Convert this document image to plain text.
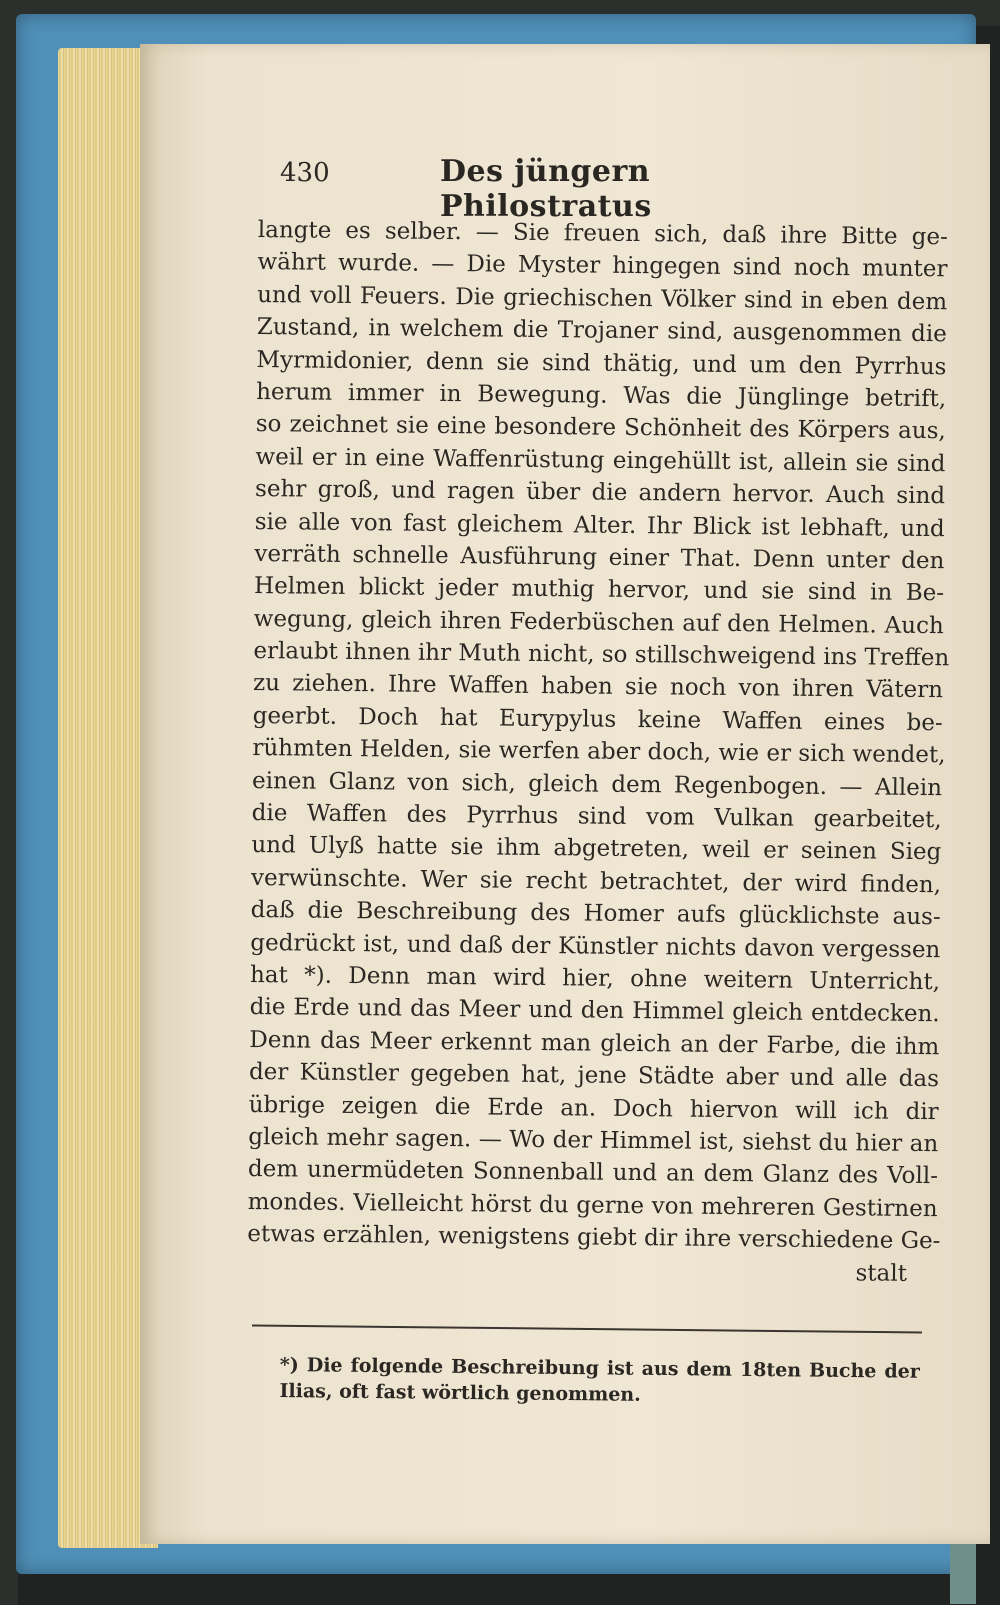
430	Des jüngern Philostratus
langte es selber. — Sie freuen sich, daß ihre Bitte ge-
währt wurde. — Die Myster hingegen sind noch munter
und voll Feuers. Die griechischen Völker sind in eben dem
Zustand, in welchem die Trojaner sind, ausgenommen die
Myrmidonier, denn sie sind thätig, und um den Pyrrhus
herum immer in Bewegung. Was die Jünglinge betrift,
so zeichnet sie eine besondere Schönheit des Körpers aus,
weil er in eine Waffenrüstung eingehüllt ist, allein sie sind
sehr groß, und ragen über die andern hervor. Auch sind
sie alle von fast gleichem Alter. Ihr Blick ist lebhaft, und
verräth schnelle Ausführung einer That. Denn unter den
Helmen blickt jeder muthig hervor, und sie sind in Be-
wegung, gleich ihren Federbüschen auf den Helmen. Auch
erlaubt ihnen ihr Muth nicht, so stillschweigend ins Treffen
zu ziehen. Ihre Waffen haben sie noch von ihren Vätern
geerbt. Doch hat Eurypylus keine Waffen eines be-
rühmten Helden, sie werfen aber doch, wie er sich wendet,
einen Glanz von sich, gleich dem Regenbogen. — Allein
die Waffen des Pyrrhus sind vom Vulkan gearbeitet,
und Ulyß hatte sie ihm abgetreten, weil er seinen Sieg
verwünschte. Wer sie recht betrachtet, der wird finden,
daß die Beschreibung des Homer aufs glücklichste aus-
gedrückt ist, und daß der Künstler nichts davon vergessen
hat *). Denn man wird hier, ohne weitern Unterricht,
die Erde und das Meer und den Himmel gleich entdecken.
Denn das Meer erkennt man gleich an der Farbe, die ihm
der Künstler gegeben hat, jene Städte aber und alle das
übrige zeigen die Erde an. Doch hiervon will ich dir
gleich mehr sagen. — Wo der Himmel ist, siehst du hier an
dem unermüdeten Sonnenball und an dem Glanz des Voll-
mondes. Vielleicht hörst du gerne von mehreren Gestirnen
etwas erzählen, wenigstens giebt dir ihre verschiedene Ge-
stalt
*) Die folgende Beschreibung ist aus dem 18ten Buche der
Ilias, oft fast wörtlich genommen.
